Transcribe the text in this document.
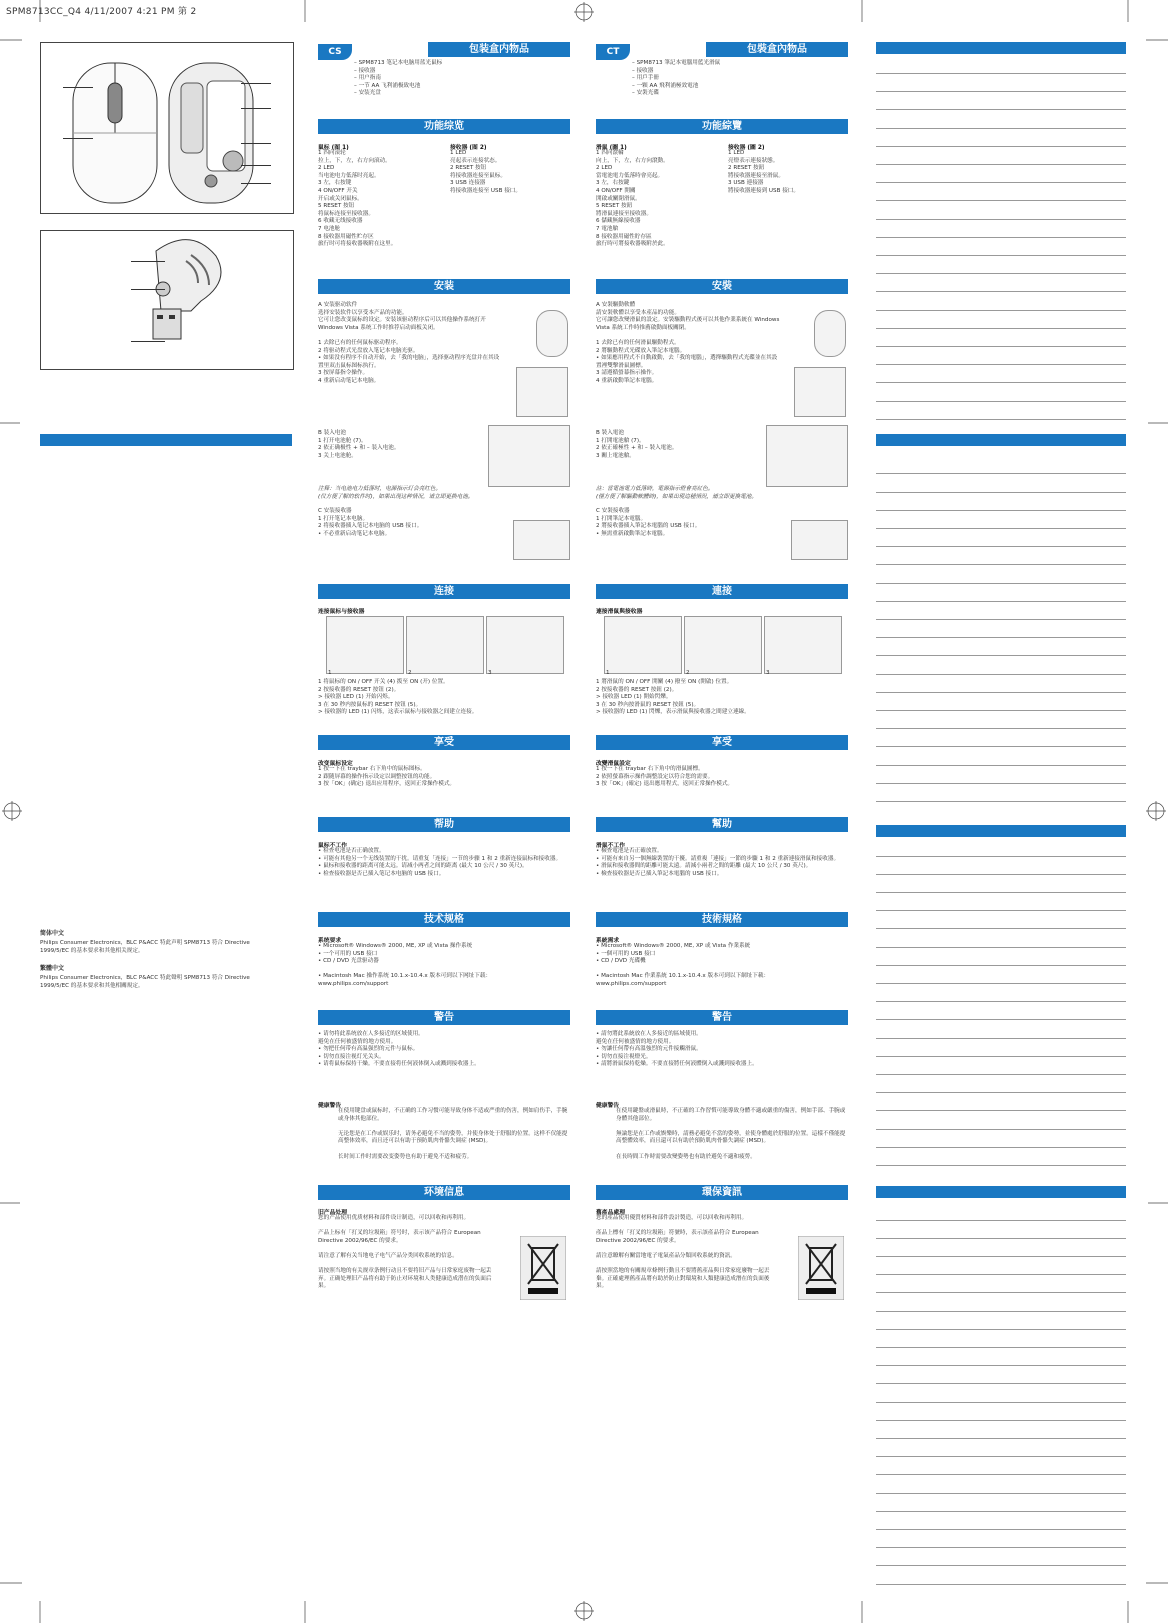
SPM8713CC_Q4 4/11/2007 4:21 PM 第 2
简体中文
Philips Consumer Electronics，BLC P&ACC 特此声明 SPM8713 符合 Directive 1999/5/EC 的基本要求和其他相关规定。
繁體中文
Philips Consumer Electronics，BLC P&ACC 特此聲明 SPM8713 符合 Directive 1999/5/EC 的基本要求和其他相關規定。
CS	包装盒内物品
– SPM8713 笔记本电脑用蓝光鼠标
– 接收器
– 用户指南
– 一节 AA 飞利浦极致电池
– 安装光盘
功能综览
鼠标 (图 1)
1 四向滚轮
拉上，下，左，右方向滚动。
2 LED
当电池电力低落时亮起。
3 左，右按键
4 ON/OFF 开关
开启或关闭鼠标。
5 RESET 按钮
将鼠标连接至接收器。
6 收藏无线接收器
7 电池舱
8 接收器用磁性贮存区
旅行时可将接收器吸附在这里。
接收器 (图 2)
1 LED
亮起表示连接状态。
2 RESET 按钮
将接收器连接至鼠标。
3 USB 连接器
将接收器连接至 USB 接口。
安装
A 安装驱动软件
选择安装软件以享受本产品的功能。
它可让您改变鼠标的设定。安装该驱动程序后可以其他操作系统打开 Windows Vista 系统工作时推荐启动面板关闭。

1 去除已有的任何鼠标驱动程序。
2 将驱动程式光盘放入笔记本电脑光驱。
• 如果没有程序不自动开始，去「我的电脑」，选择驱动程序光盘并在其设置里双击鼠标图标执行。
3 按屏幕指令操作。
4 重新启动笔记本电脑。
B 装入电池
1 打开电池舱 (7)。
2 依正确极性 + 和 – 装入电池。
3 关上电池舱。
注释：当电池电力低落时，电源指示灯会亮红色。
(仅方便了解的软件时)，如果出现这种情况，请立即更换电池。
C 安装接收器
1 打开笔记本电脑。
2 将接收器插入笔记本电脑的 USB 接口。
• 不必重新启动笔记本电脑。
连接
连接鼠标与接收器
1	2	3
1 将鼠标的 ON / OFF 开关 (4) 拨至 ON (开) 位置。
2 按接收器的 RESET 按钮 (2)。
> 接收器 LED (1) 开始闪烁。
3 在 30 秒内按鼠标的 RESET 按钮 (5)。
> 接收器的 LED (1) 闪烁，这表示鼠标与接收器之间建立连接。
享受
改变鼠标设定
1 按一下在 traybar 右下角中的鼠标图标。
2 跟随屏幕的操作指示设定以调整按钮的功能。
3 按「OK」(确定) 退出应用程序，返回正常操作模式。
帮助
鼠标不工作
• 检查电池是否正确放置。
• 可能有其他另一个无线装置的干扰。请重复「连接」一节的步骤 1 和 2 重新连接鼠标和接收器。
• 鼠标和接收器的距离可能太远。请减小两者之间的距离 (最大 10 公尺 / 30 英尺)。
• 检查接收器是否已插入笔记本电脑的 USB 接口。
技术规格
系统要求
• Microsoft® Windows® 2000, ME, XP 或 Vista 操作系统
• 一个可用的 USB 接口
• CD / DVD 光盘驱动器

• Macintosh Mac 操作系统 10.1.x-10.4.x 版本可到以下网址下载：
www.philips.com/support
警告
• 请勿将此系统放在人多接近的区域使用。
避免在任何被盛情的地方使用。
• 勿把任何带有高温强烈的元件与鼠标。
• 切勿直接注视灯光关头。
• 请将鼠标保持干燥。不要直接将任何液体倒入或溅到接收器上。
健康警告
在使用键盘或鼠标时，不正确的工作习惯可能导致身体不适或严重的伤害，例如肩伤手，手腕或身体其他部位。

无论您是在工作或娱乐时，请务必避免不当的姿势，并使身体处于舒服的位置。这样不仅能提高整体效率，而且还可以有助于预防肌肉骨骼失调症 (MSD)。

长时间工作时需要改变姿势也有助于避免不适和疲劳。
环境信息
旧产品处理
您的产品使用优质材料和部件设计制造，可以回收和再利用。

产品上标有「打叉的垃圾箱」符号时，表示该产品符合 European Directive 2002/96/EC 的要求。

请注意了解有关当地电子电气产品分类回收系统的信息。

请按照当地的有关规章条例行动且不要将旧产品与日常家庭废物一起丢弃。正确处理旧产品将有助于防止对环境和人类健康造成潜在的负面后果。
CT	包裝盒內物品
– SPM8713 筆記本電腦用藍光滑鼠
– 接收器
– 用戶手冊
– 一顆 AA 飛利浦極效電池
– 安裝光碟
功能綜覽
滑鼠 (圖 1)
1 四向滾輪
向上，下，左，右方向滾動。
2 LED
當電池電力低落時會亮起。
3 左，右按鍵
4 ON/OFF 開關
開啟或關閉滑鼠。
5 RESET 按鈕
將滑鼠連接至接收器。
6 儲藏無線接收器
7 電池艙
8 接收器用磁性貯存區
旅行時可將接收器吸附於此。
接收器 (圖 2)
1 LED
亮燈表示連接狀態。
2 RESET 按鈕
將接收器連接至滑鼠。
3 USB 連接器
將接收器連接到 USB 接口。
安裝
A 安裝驅動軟體
請安裝軟體以享受本產品的功能。
它可讓您改變滑鼠的設定。安裝驅動程式後可以其他作業系統在 Windows Vista 系統工作時推薦啟動面板關閉。

1 去除已有的任何滑鼠驅動程式。
2 將驅動程式光碟放入筆記本電腦。
• 如果應用程式不自動啟動，去「我的電腦」，選擇驅動程式光碟並在其設置裡雙擊滑鼠圖標。
3 請遵循螢幕指示操作。
4 重新啟動筆記本電腦。
B 裝入電池
1 打開電池艙 (7)。
2 依正確極性 + 和 – 裝入電池。
3 關上電池艙。
註：當電池電力低落時，電源指示燈會亮紅色。
(僅方便了解驅動軟體時)，如果出現這種情況，請立即更換電池。
C 安裝接收器
1 打開筆記本電腦。
2 將接收器插入筆記本電腦的 USB 接口。
• 無需重新啟動筆記本電腦。
連接
連接滑鼠與接收器
1	2	3
1 將滑鼠的 ON / OFF 開關 (4) 撥至 ON (開啟) 位置。
2 按接收器的 RESET 按鈕 (2)。
> 接收器 LED (1) 開始閃爍。
3 在 30 秒內按滑鼠的 RESET 按鈕 (5)。
> 接收器的 LED (1) 閃爍，表示滑鼠與接收器之間建立連線。
享受
改變滑鼠設定
1 按一下在 traybar 右下角中的滑鼠圖標。
2 依照螢幕指示操作調整設定以符合您的需要。
3 按「OK」(確定) 退出應用程式，返回正常操作模式。
幫助
滑鼠不工作
• 檢查電池是否正確放置。
• 可能有來自另一個無線裝置的干擾。請重複「連接」一節的步驟 1 和 2 重新連接滑鼠和接收器。
• 滑鼠和接收器間的距離可能太遠。請減小兩者之間的距離 (最大 10 公尺 / 30 英尺)。
• 檢查接收器是否已插入筆記本電腦的 USB 接口。
技術規格
系統需求
• Microsoft® Windows® 2000, ME, XP 或 Vista 作業系統
• 一個可用的 USB 接口
• CD / DVD 光碟機

• Macintosh Mac 作業系統 10.1.x-10.4.x 版本可到以下網址下載：
www.philips.com/support
警告
• 請勿將此系統放在人多接近的區域使用。
避免在任何被盛情的地方使用。
• 勿讓任何帶有高溫強烈的元件接觸滑鼠。
• 切勿直接注視燈光。
• 請將滑鼠保持乾燥。不要直接將任何液體倒入或濺到接收器上。
健康警告
在使用鍵盤或滑鼠時，不正確的工作習慣可能導致身體不適或嚴重的傷害，例如手部、手腕或身體其他部位。

無論您是在工作或娛樂時，請務必避免不當的姿勢，並使身體處於舒服的位置。這樣不僅能提高整體效率，而且還可以有助於預防肌肉骨骼失調症 (MSD)。

在長時間工作時需要改變姿勢也有助於避免不適和疲勞。
環保資訊
舊產品處理
您的產品使用優質材料和部件設計製造，可以回收和再利用。

產品上標有「打叉的垃圾箱」符號時，表示該產品符合 European Directive 2002/96/EC 的要求。

請注意瞭解有關當地電子電氣產品分類回收系統的資訊。

請按照當地的有關規章條例行動且不要將舊產品與日常家庭廢物一起丟棄。正確處理舊產品將有助於防止對環境和人類健康造成潛在的負面後果。
